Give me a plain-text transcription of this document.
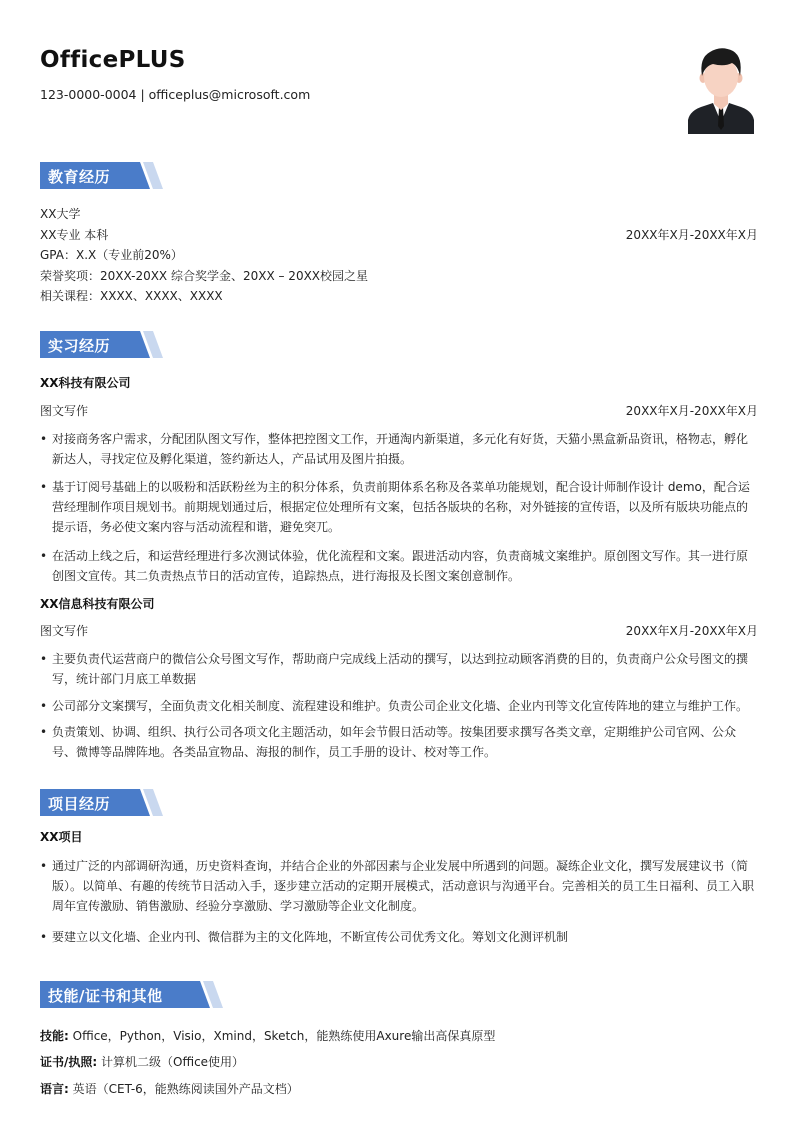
OfficePLUS
123-0000-0004 | officeplus@microsoft.com
教育经历
XX大学
XX专业 本科	20XX年X月-20XX年X月
GPA：X.X（专业前20%）
荣誉奖项：20XX-20XX 综合奖学金、20XX – 20XX校园之星
相关课程：XXXX、XXXX、XXXX
实习经历
XX科技有限公司
图文写作	20XX年X月-20XX年X月
• 对接商务客户需求，分配团队图文写作，整体把控图文工作，开通淘内新渠道，多元化有好货，天猫小黑盒新品资讯，格物志，孵化新达人，寻找定位及孵化渠道，签约新达人，产品试用及图片拍摄。
• 基于订阅号基础上的以吸粉和活跃粉丝为主的积分体系，负责前期体系名称及各菜单功能规划，配合设计师制作设计 demo，配合运营经理制作项目规划书。前期规划通过后，根据定位处理所有文案，包括各版块的名称，对外链接的宣传语，以及所有版块功能点的提示语，务必使文案内容与活动流程和谐，避免突兀。
• 在活动上线之后，和运营经理进行多次测试体验，优化流程和文案。跟进活动内容，负责商城文案维护。原创图文写作。其一进行原创图文宣传。其二负责热点节日的活动宣传，追踪热点，进行海报及长图文案创意制作。
XX信息科技有限公司
图文写作	20XX年X月-20XX年X月
• 主要负责代运营商户的微信公众号图文写作，帮助商户完成线上活动的撰写，以达到拉动顾客消费的目的，负责商户公众号图文的撰写，统计部门月底工单数据
• 公司部分文案撰写，全面负责文化相关制度、流程建设和维护。负责公司企业文化墙、企业内刊等文化宣传阵地的建立与维护工作。
• 负责策划、协调、组织、执行公司各项文化主题活动，如年会节假日活动等。按集团要求撰写各类文章，定期维护公司官网、公众号、微博等品牌阵地。各类品宣物品、海报的制作，员工手册的设计、校对等工作。
项目经历
XX项目
• 通过广泛的内部调研沟通，历史资料查询，并结合企业的外部因素与企业发展中所遇到的问题。凝练企业文化，撰写发展建议书（简版）。以简单、有趣的传统节日活动入手，逐步建立活动的定期开展模式，活动意识与沟通平台。完善相关的员工生日福利、员工入职周年宣传激励、销售激励、经验分享激励、学习激励等企业文化制度。
• 要建立以文化墙、企业内刊、微信群为主的文化阵地，不断宣传公司优秀文化。筹划文化测评机制
技能/证书和其他
技能: Office，Python，Visio，Xmind，Sketch，能熟练使用Axure输出高保真原型
证书/执照: 计算机二级（Office使用）
语言: 英语（CET-6，能熟练阅读国外产品文档）
